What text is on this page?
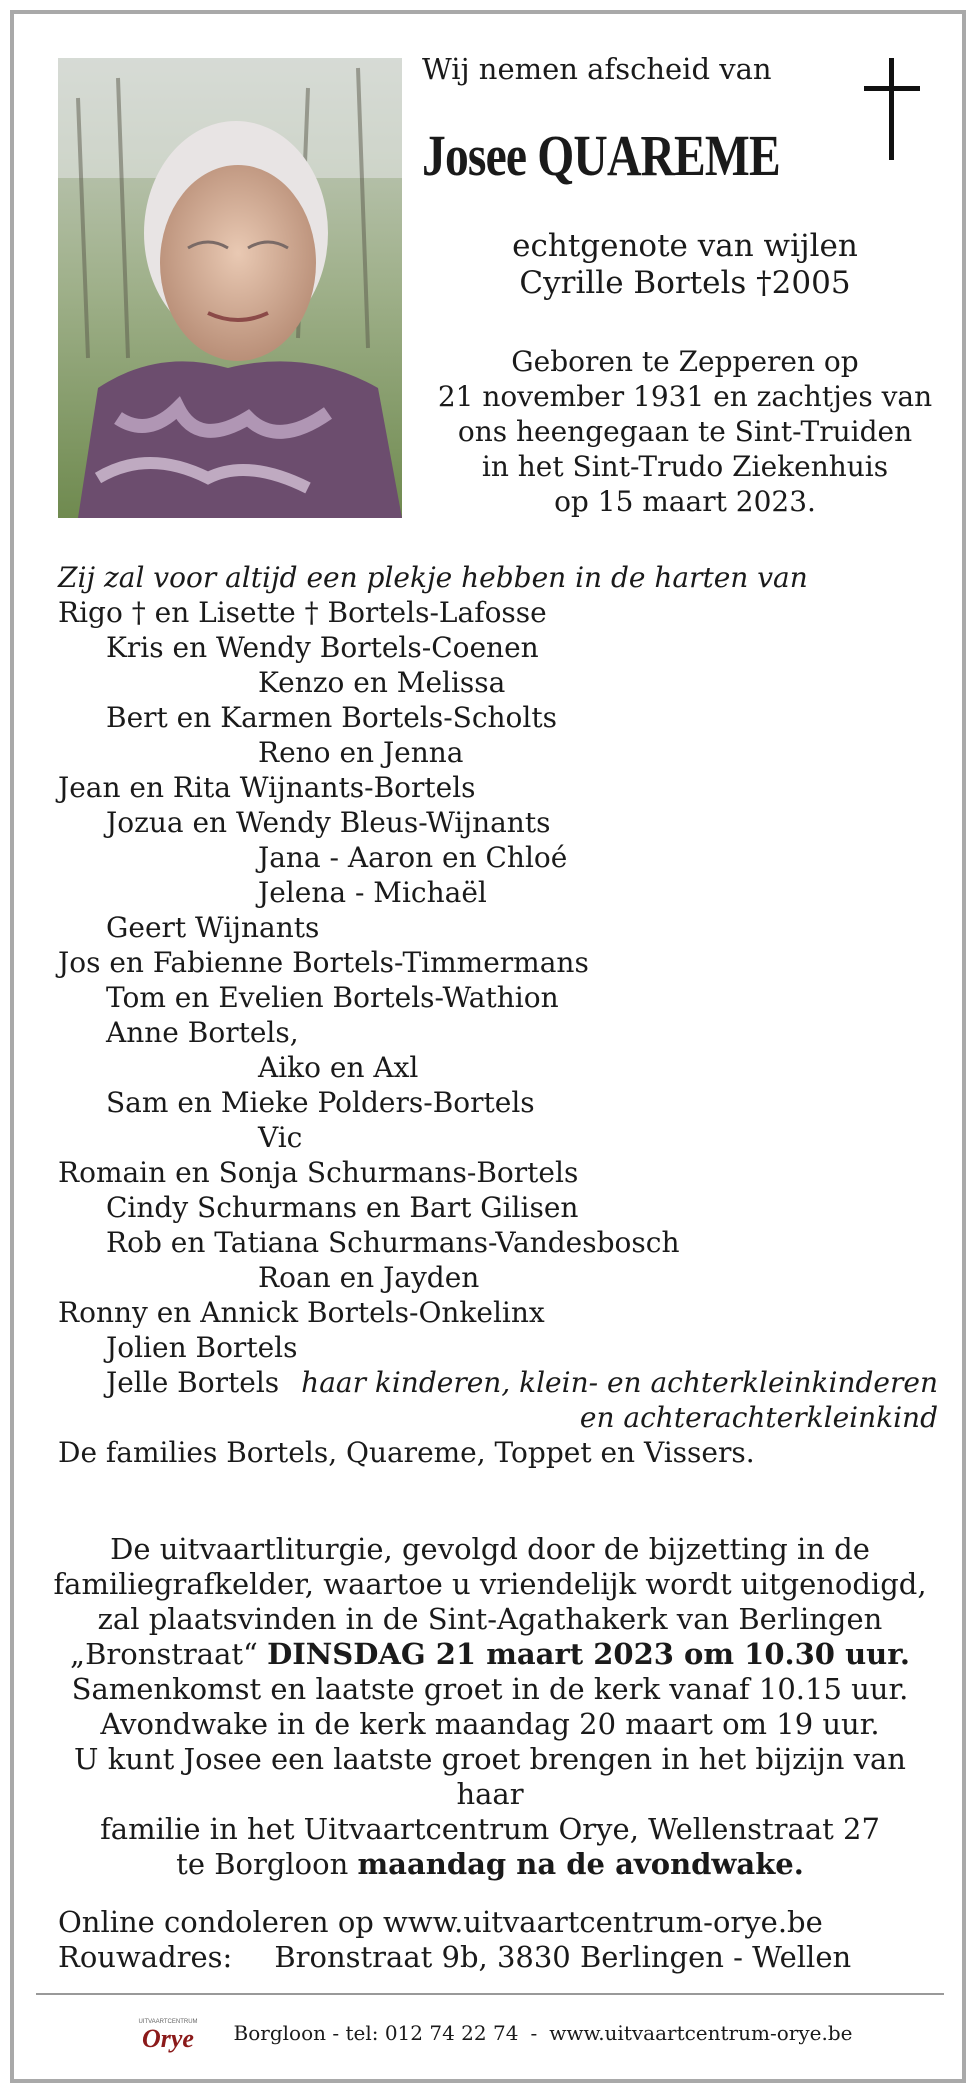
Wij nemen afscheid van
Josee QUAREME
echtgenote van wijlen
Cyrille Bortels †2005
Geboren te Zepperen op
21 november 1931 en zachtjes van
ons heengegaan te Sint-Truiden
in het Sint-Trudo Ziekenhuis
op 15 maart 2023.
Zij zal voor altijd een plekje hebben in de harten van
Rigo † en Lisette † Bortels-Lafosse
Kris en Wendy Bortels-Coenen
Kenzo en Melissa
Bert en Karmen Bortels-Scholts
Reno en Jenna
Jean en Rita Wijnants-Bortels
Jozua en Wendy Bleus-Wijnants
Jana - Aaron en Chloé
Jelena - Michaël
Geert Wijnants
Jos en Fabienne Bortels-Timmermans
Tom en Evelien Bortels-Wathion
Anne Bortels,
Aiko en Axl
Sam en Mieke Polders-Bortels
Vic
Romain en Sonja Schurmans-Bortels
Cindy Schurmans en Bart Gilisen
Rob en Tatiana Schurmans-Vandesbosch
Roan en Jayden
Ronny en Annick Bortels-Onkelinx
Jolien Bortels
Jelle Bortels haar kinderen, klein- en achterkleinkinderen
en achterachterkleinkind
De families Bortels, Quareme, Toppet en Vissers.
De uitvaartliturgie, gevolgd door de bijzetting in de
familiegrafkelder, waartoe u vriendelijk wordt uitgenodigd,
zal plaatsvinden in de Sint-Agathakerk van Berlingen
„Bronstraat“ DINSDAG 21 maart 2023 om 10.30 uur.
Samenkomst en laatste groet in de kerk vanaf 10.15 uur.
Avondwake in de kerk maandag 20 maart om 19 uur.
U kunt Josee een laatste groet brengen in het bijzijn van haar
familie in het Uitvaartcentrum Orye, Wellenstraat 27
te Borgloon maandag na de avondwake.
Online condoleren op www.uitvaartcentrum-orye.be
Rouwadres: Bronstraat 9b, 3830 Berlingen - Wellen
UITVAARTCENTRUM
Orye Borgloon - tel: 012 74 22 74 - www.uitvaartcentrum-orye.be
